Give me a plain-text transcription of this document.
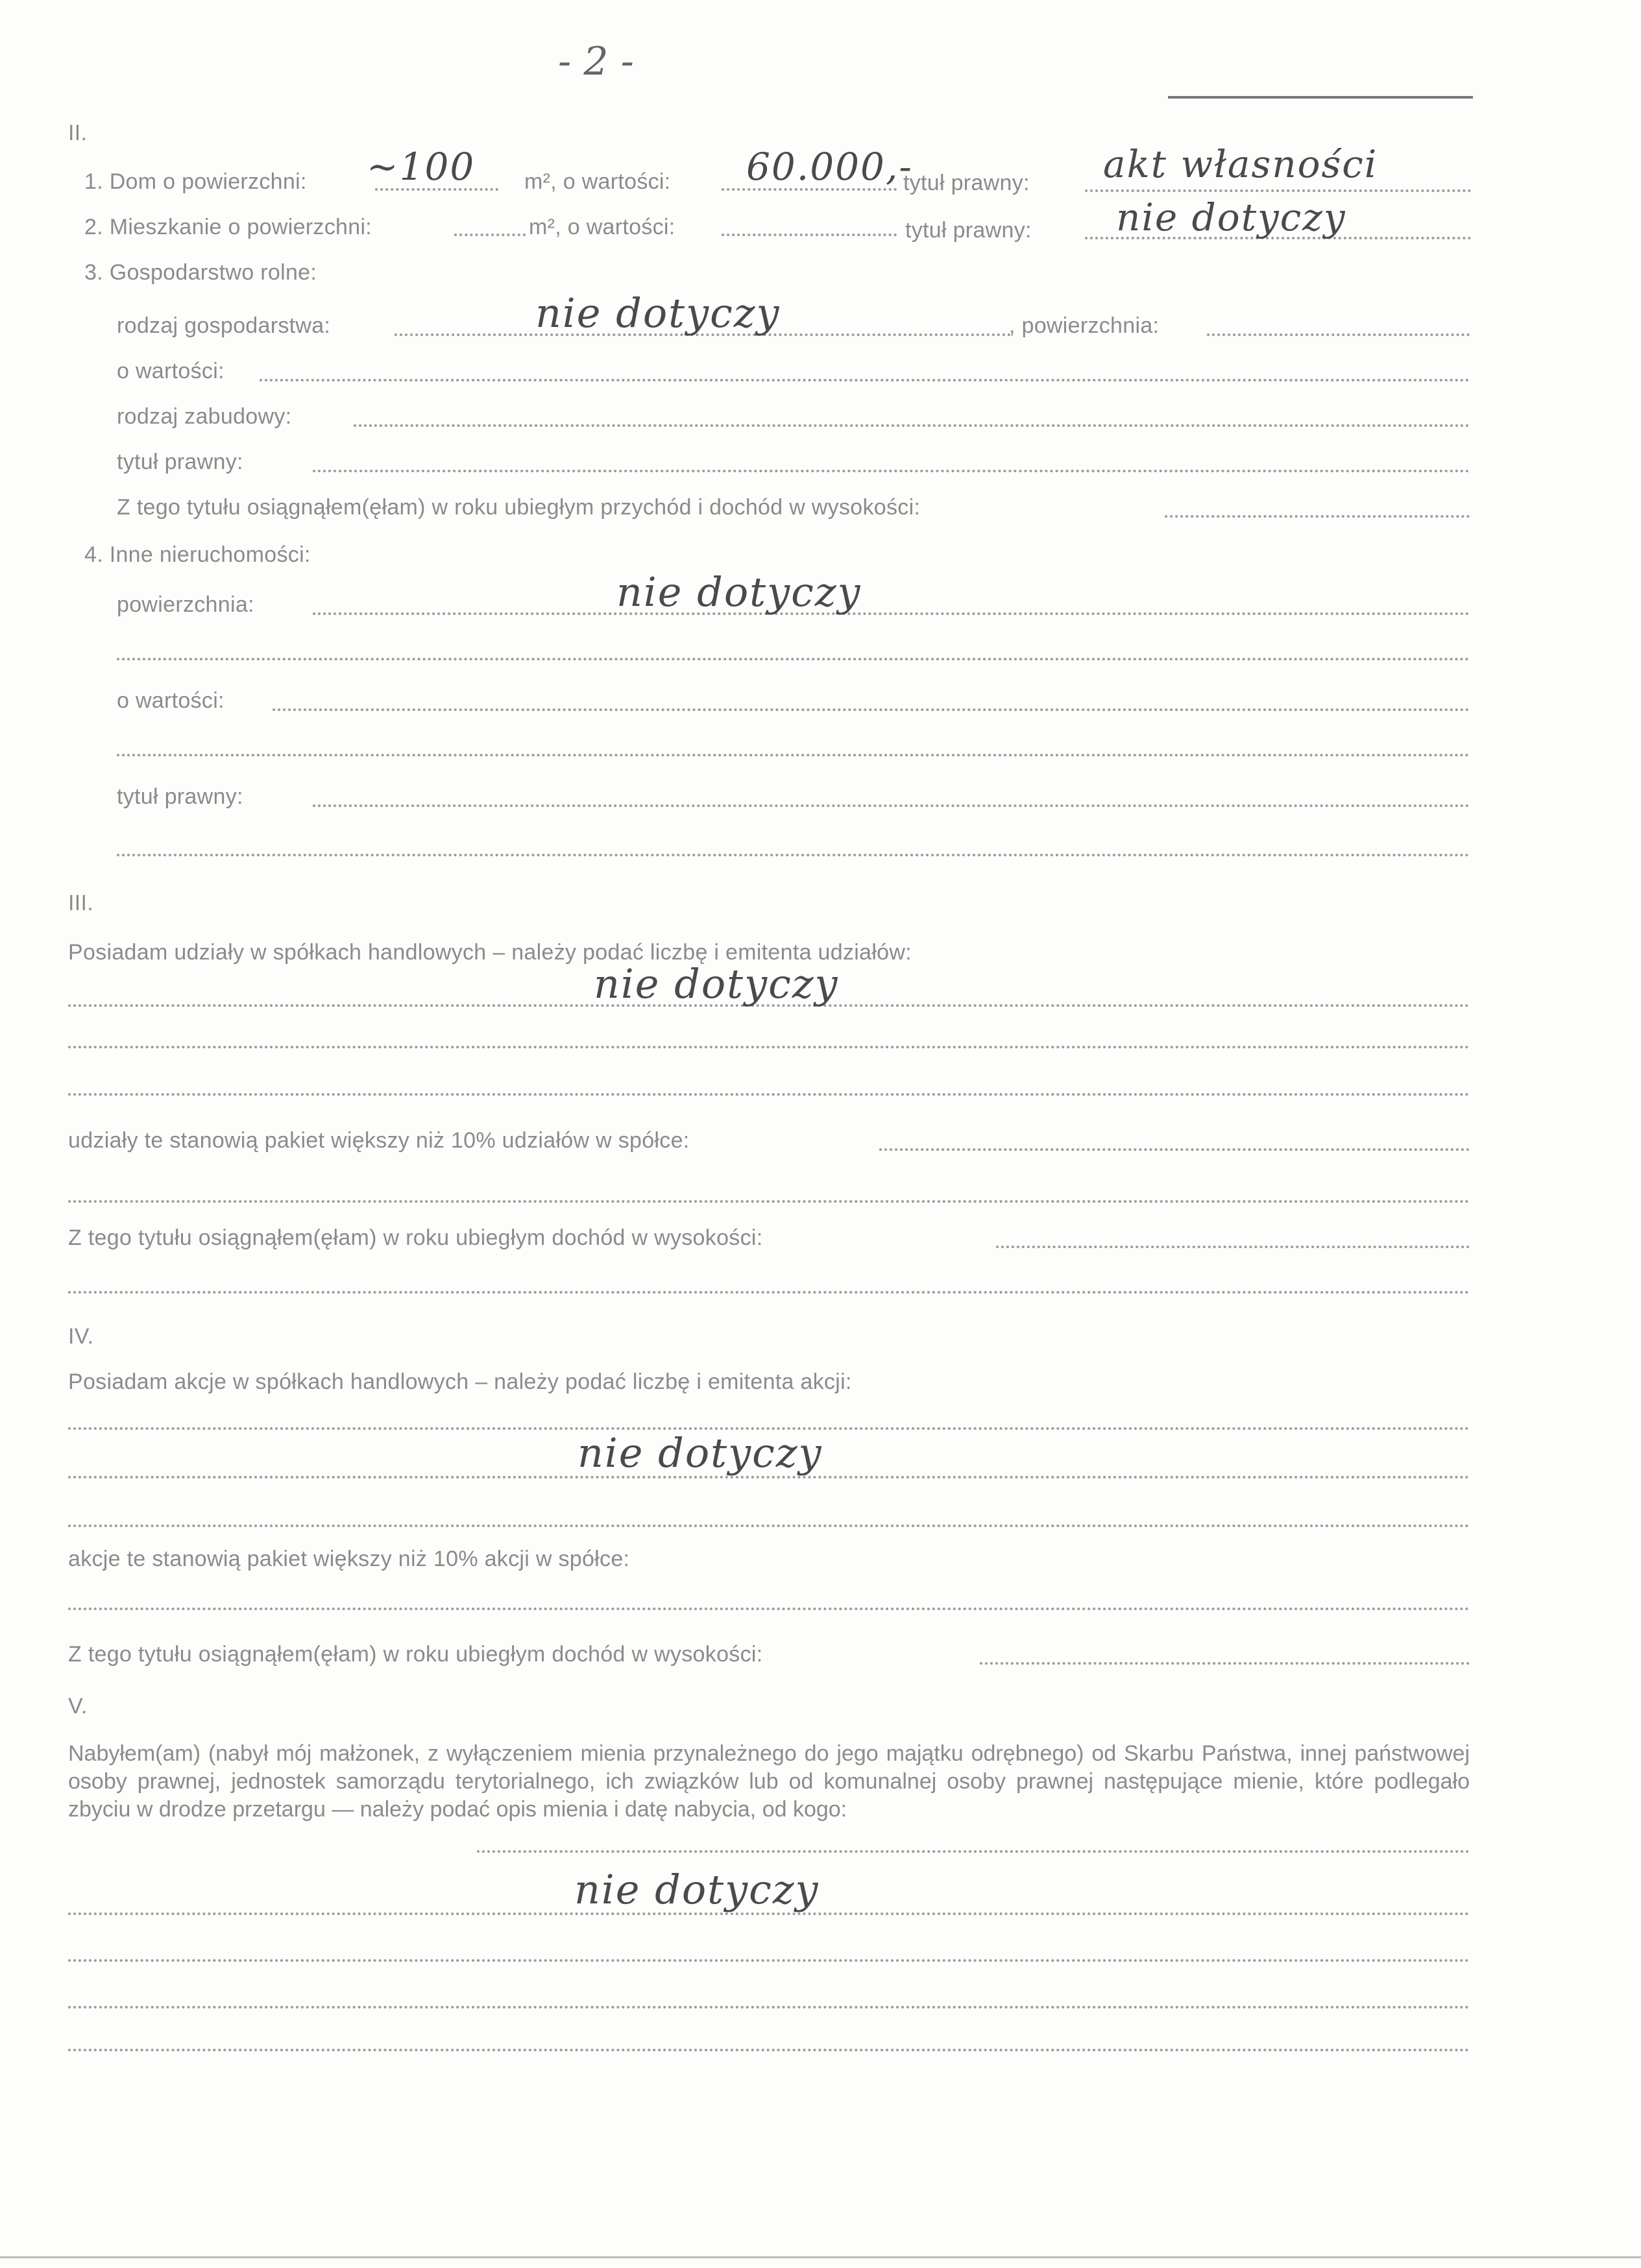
- 2 -
II.
1. Dom o powierzchni: ~100 m², o wartości: 60.000,-
tytuł prawny: akt własności
2. Mieszkanie o powierzchni:	m², o wartości:	tytuł prawny: nie dotyczy
3. Gospodarstwo rolne:
rodzaj gospodarstwa:	nie dotyczy	, powierzchnia:
o wartości:
rodzaj zabudowy:
tytuł prawny:
Z tego tytułu osiągnąłem(ęłam) w roku ubiegłym przychód i dochód w wysokości:
4. Inne nieruchomości:
powierzchnia:	nie dotyczy
o wartości:
tytuł prawny:
III.
Posiadam udziały w spółkach handlowych – należy podać liczbę i emitenta udziałów:
nie dotyczy
udziały te stanowią pakiet większy niż 10% udziałów w spółce:
Z tego tytułu osiągnąłem(ęłam) w roku ubiegłym dochód w wysokości:
IV.
Posiadam akcje w spółkach handlowych – należy podać liczbę i emitenta akcji:
nie dotyczy
akcje te stanowią pakiet większy niż 10% akcji w spółce:
Z tego tytułu osiągnąłem(ęłam) w roku ubiegłym dochód w wysokości:
V.
Nabyłem(am) (nabył mój małżonek, z wyłączeniem mienia przynależnego do jego majątku odrębnego) od Skarbu Państwa, innej państwowej osoby prawnej, jednostek samorządu terytorialnego, ich związków lub od komunalnej osoby prawnej następujące mienie, które podlegało zbyciu w drodze przetargu — należy podać opis mienia i datę nabycia, od kogo:
nie dotyczy
